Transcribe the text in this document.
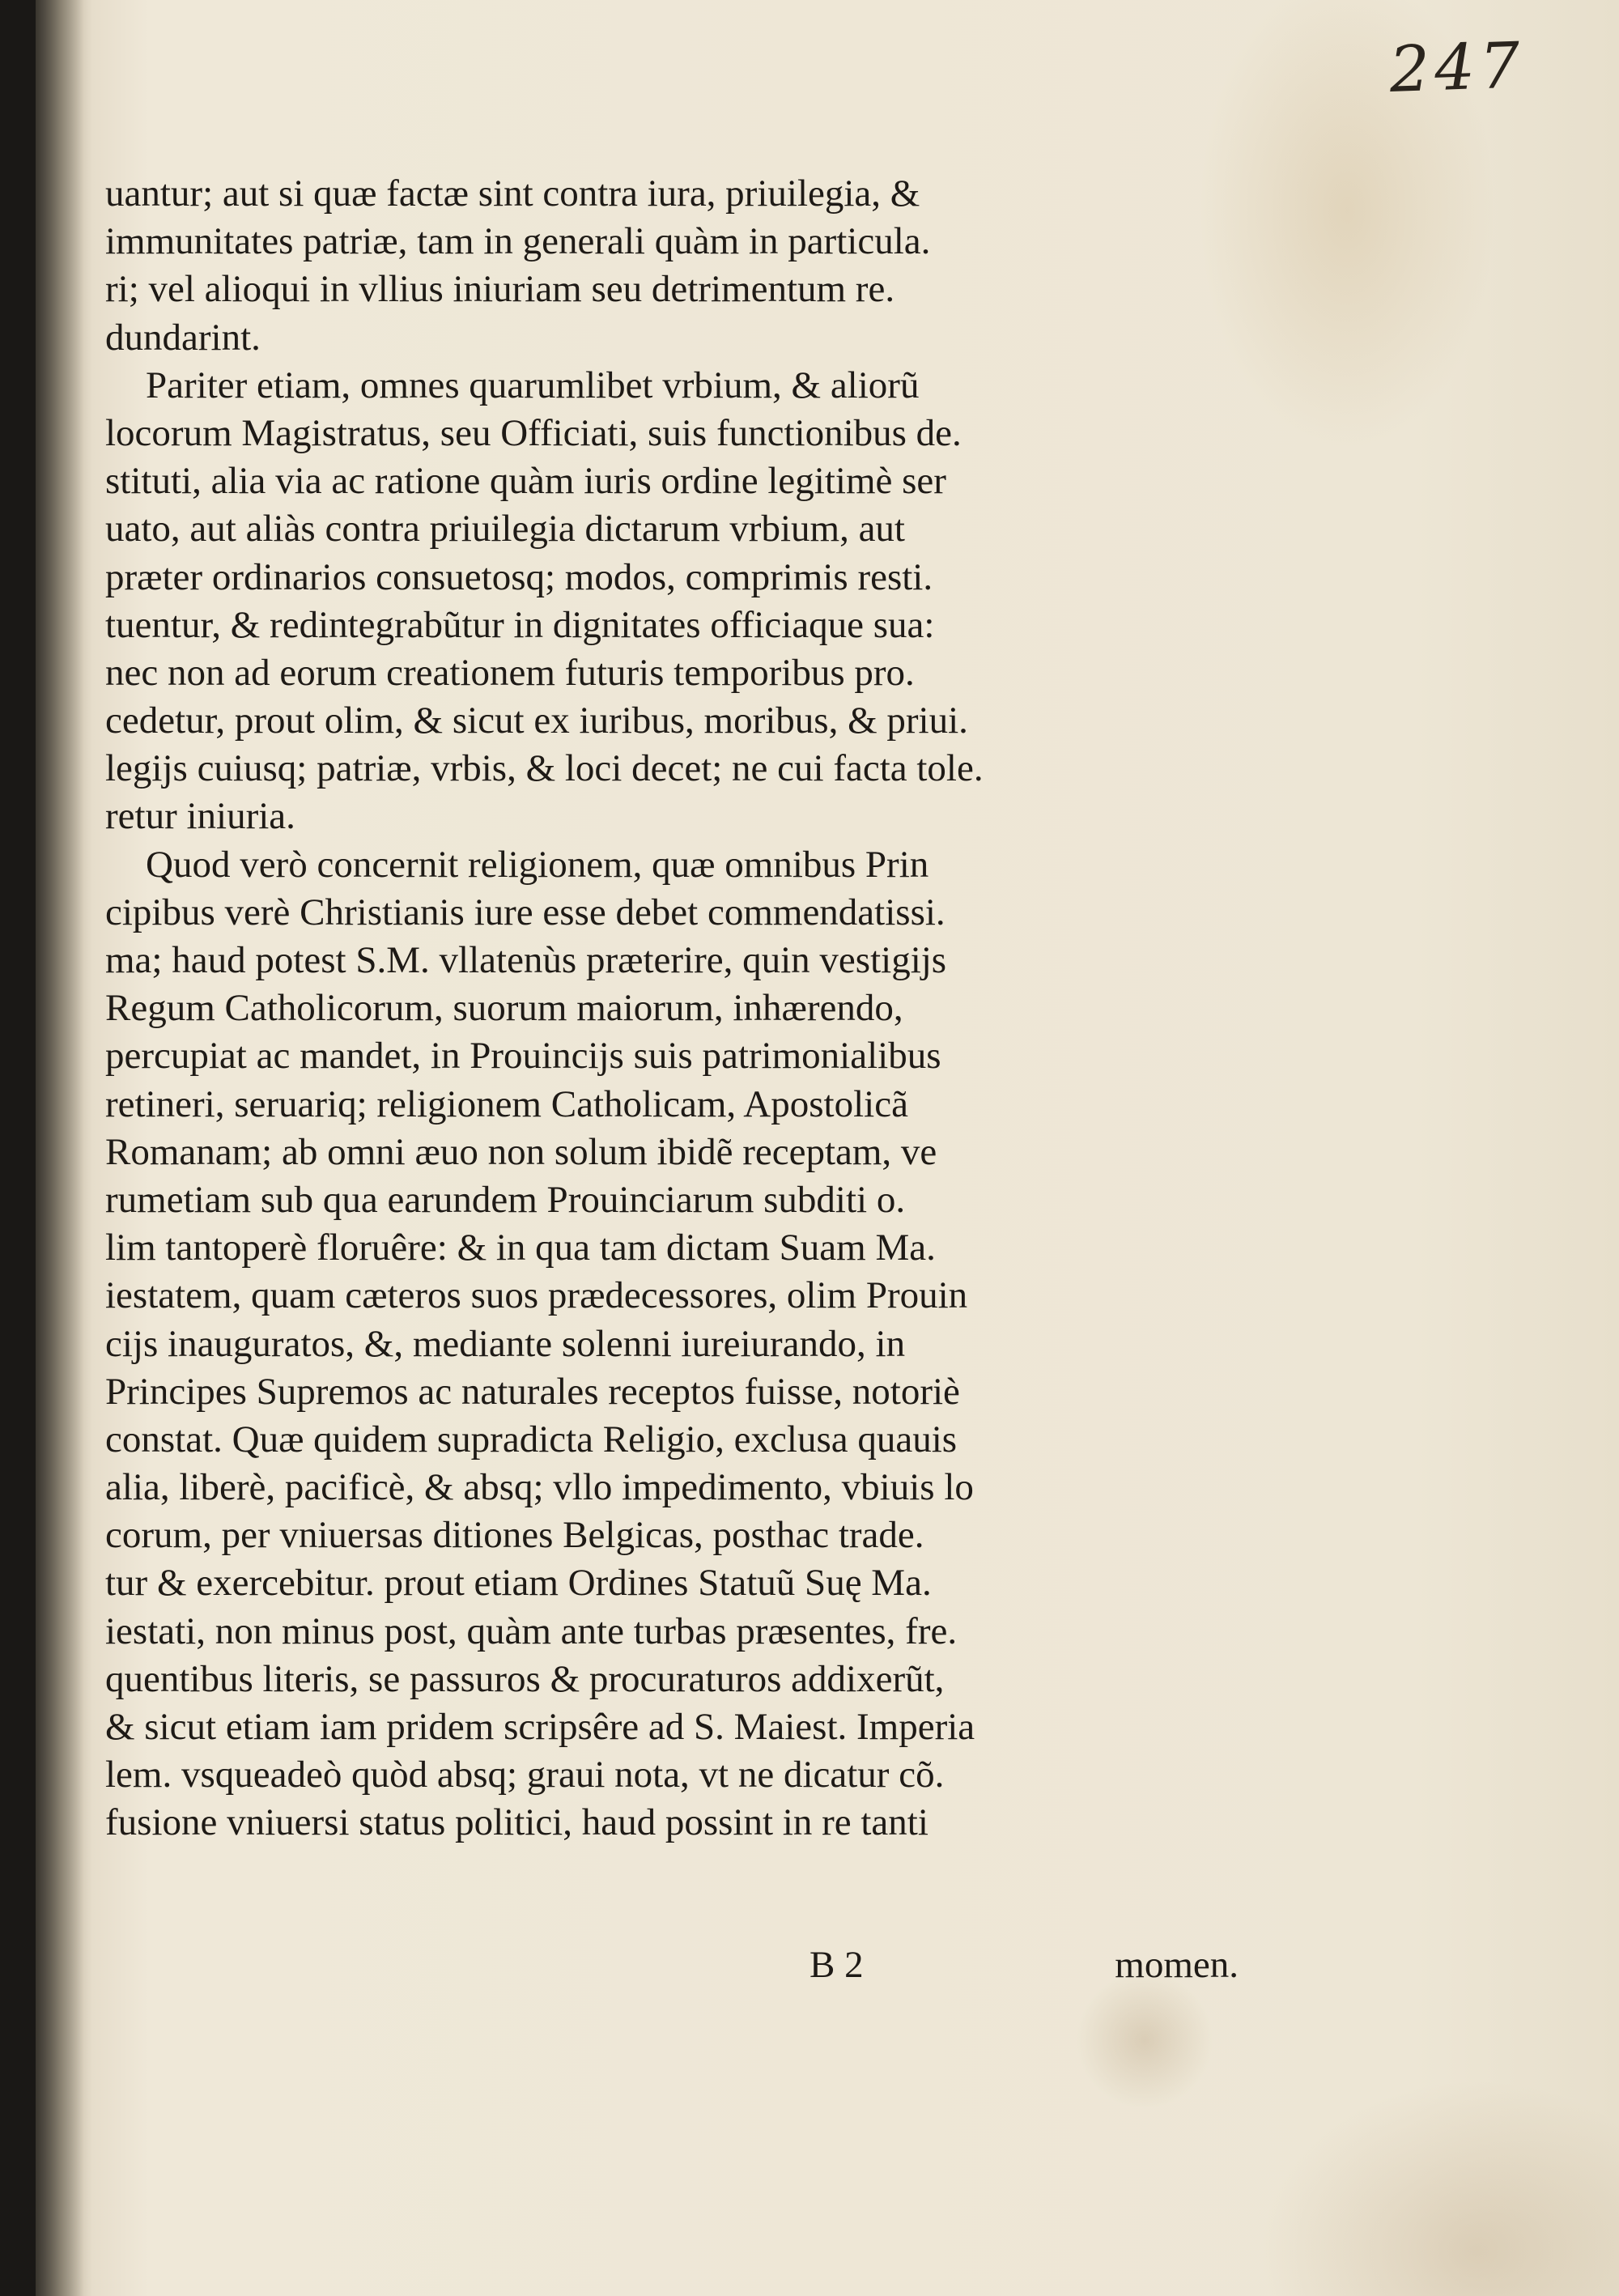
247
uantur; aut si quæ factæ sint contra iura, priuilegia, &
immunitates patriæ, tam in generali quàm in particula.
ri; vel alioqui in vllius iniuriam seu detrimentum re.
dundarint.
Pariter etiam, omnes quarumlibet vrbium, & aliorũ
locorum Magistratus, seu Officiati, suis functionibus de.
stituti, alia via ac ratione quàm iuris ordine legitimè ser
uato, aut aliàs contra priuilegia dictarum vrbium, aut
præter ordinarios consuetosq; modos, comprimis resti.
tuentur, & redintegrabũtur in dignitates officiaque sua:
nec non ad eorum creationem futuris temporibus pro.
cedetur, prout olim, & sicut ex iuribus, moribus, & priui.
legijs cuiusq; patriæ, vrbis, & loci decet; ne cui facta tole.
retur iniuria.
Quod verò concernit religionem, quæ omnibus Prin
cipibus verè Christianis iure esse debet commendatissi.
ma; haud potest S.M. vllatenùs præterire, quin vestigijs
Regum Catholicorum, suorum maiorum, inhærendo,
percupiat ac mandet, in Prouincijs suis patrimonialibus
retineri, seruariq; religionem Catholicam, Apostolicã
Romanam; ab omni æuo non solum ibidẽ receptam, ve
rumetiam sub qua earundem Prouinciarum subditi o.
lim tantoperè floruêre: & in qua tam dictam Suam Ma.
iestatem, quam cæteros suos prædecessores, olim Prouin
cijs inauguratos, &, mediante solenni iureiurando, in
Principes Supremos ac naturales receptos fuisse, notoriè
constat. Quæ quidem supradicta Religio, exclusa quauis
alia, liberè, pacificè, & absq; vllo impedimento, vbiuis lo
corum, per vniuersas ditiones Belgicas, posthac trade.
tur & exercebitur. prout etiam Ordines Statuũ Suę Ma.
iestati, non minus post, quàm ante turbas præsentes, fre.
quentibus literis, se passuros & procuraturos addixerũt,
& sicut etiam iam pridem scripsêre ad S. Maiest. Imperia
lem. vsqueadeò quòd absq; graui nota, vt ne dicatur cõ.
fusione vniuersi status politici, haud possint in re tanti
B 2	momen.
